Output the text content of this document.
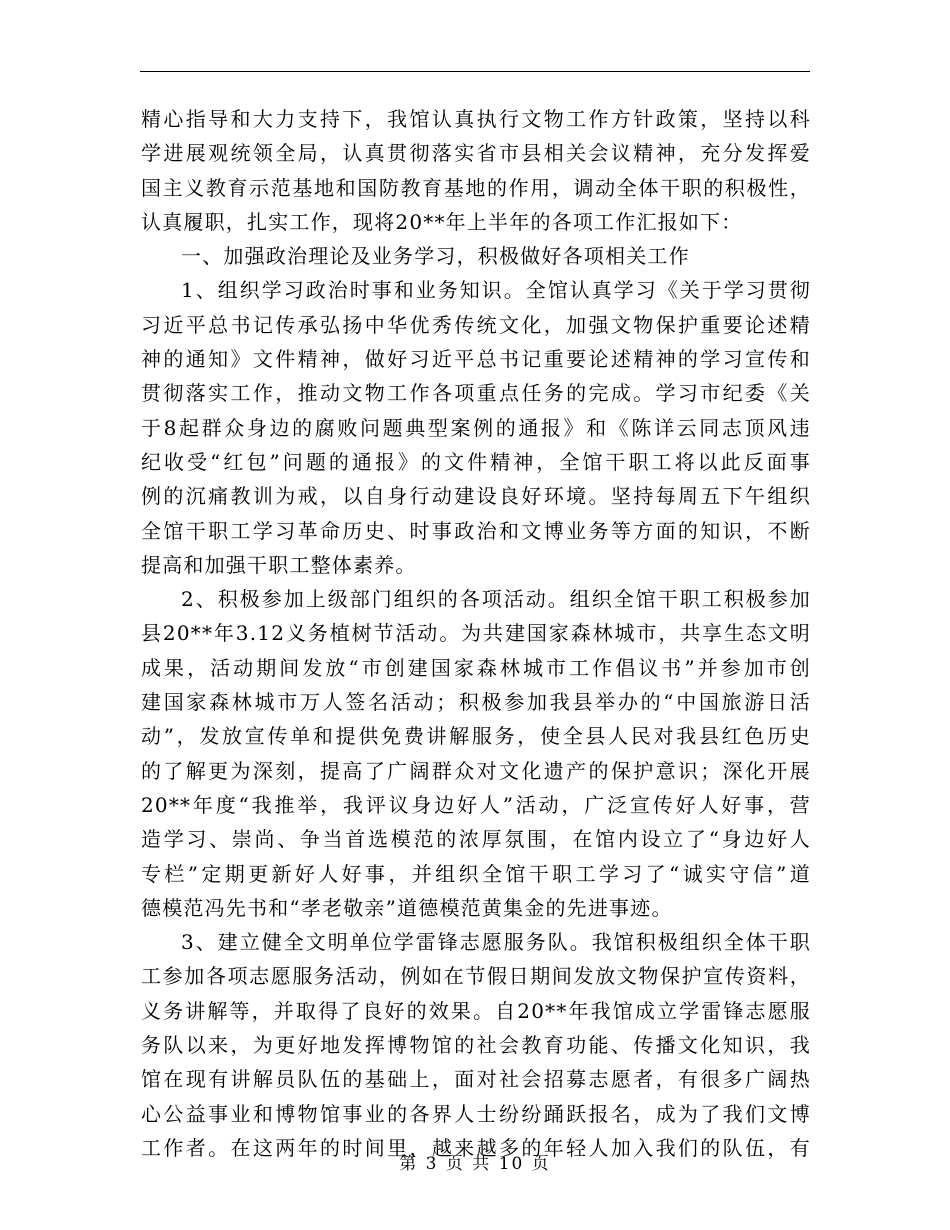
精心指导和大力支持下，我馆认真执行文物工作方针政策，坚持以科
学进展观统领全局，认真贯彻落实省市县相关会议精神，充分发挥爱
国主义教育示范基地和国防教育基地的作用，调动全体干职的积极性，
认真履职，扎实工作，现将20**年上半年的各项工作汇报如下：
一、加强政治理论及业务学习，积极做好各项相关工作
1、组织学习政治时事和业务知识。全馆认真学习《关于学习贯彻
习近平总书记传承弘扬中华优秀传统文化，加强文物保护重要论述精
神的通知》文件精神，做好习近平总书记重要论述精神的学习宣传和
贯彻落实工作，推动文物工作各项重点任务的完成。学习市纪委《关
于8起群众身边的腐败问题典型案例的通报》和《陈详云同志顶风违
纪收受“红包”问题的通报》的文件精神，全馆干职工将以此反面事
例的沉痛教训为戒，以自身行动建设良好环境。坚持每周五下午组织
全馆干职工学习革命历史、时事政治和文博业务等方面的知识，不断
提高和加强干职工整体素养。
2、积极参加上级部门组织的各项活动。组织全馆干职工积极参加
县20**年3.12义务植树节活动。为共建国家森林城市，共享生态文明
成果，活动期间发放“市创建国家森林城市工作倡议书”并参加市创
建国家森林城市万人签名活动；积极参加我县举办的“中国旅游日活
动”，发放宣传单和提供免费讲解服务，使全县人民对我县红色历史
的了解更为深刻，提高了广阔群众对文化遗产的保护意识；深化开展
20**年度“我推举，我评议身边好人”活动，广泛宣传好人好事，营
造学习、崇尚、争当首选模范的浓厚氛围，在馆内设立了“身边好人
专栏”定期更新好人好事，并组织全馆干职工学习了“诚实守信”道
德模范冯先书和“孝老敬亲”道德模范黄集金的先进事迹。
3、建立健全文明单位学雷锋志愿服务队。我馆积极组织全体干职
工参加各项志愿服务活动，例如在节假日期间发放文物保护宣传资料，
义务讲解等，并取得了良好的效果。自20**年我馆成立学雷锋志愿服
务队以来，为更好地发挥博物馆的社会教育功能、传播文化知识，我
馆在现有讲解员队伍的基础上，面对社会招募志愿者，有很多广阔热
心公益事业和博物馆事业的各界人士纷纷踊跃报名，成为了我们文博
工作者。在这两年的时间里，越来越多的年轻人加入我们的队伍，有
第 3 页 共 10 页
